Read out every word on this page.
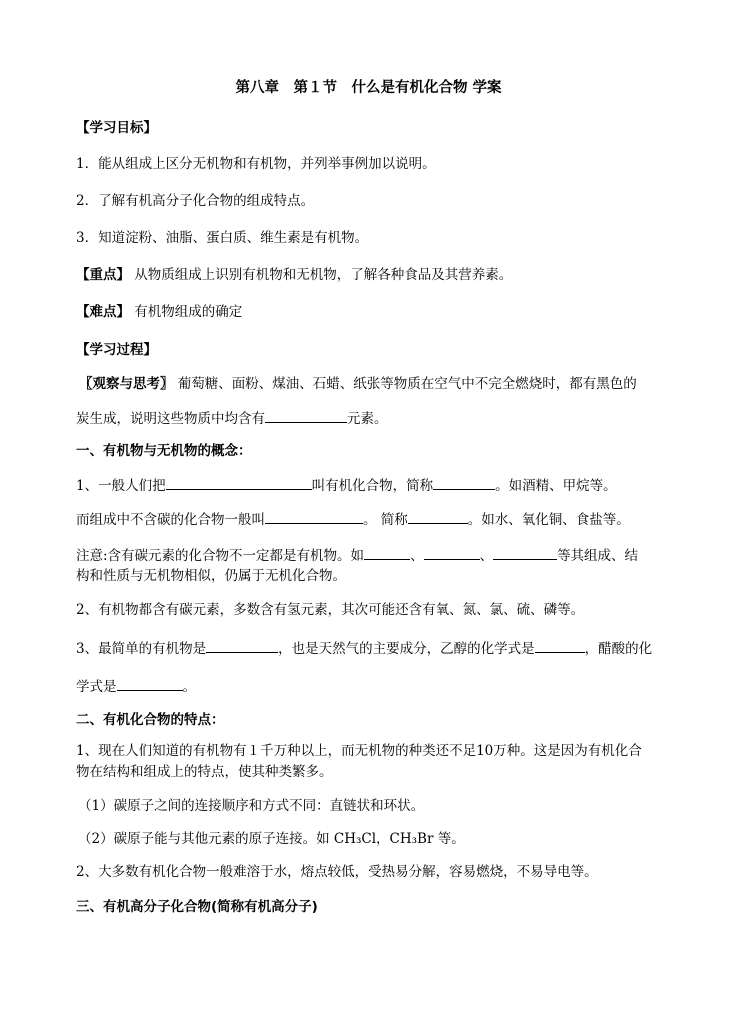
第八章　第１节　什么是有机化合物 学案
【学习目标】
1．能从组成上区分无机物和有机物，并列举事例加以说明。
2．了解有机高分子化合物的组成特点。
3．知道淀粉、油脂、蛋白质、维生素是有机物。
【重点】 从物质组成上识别有机物和无机物，了解各种食品及其营养素。
【难点】 有机物组成的确定
【学习过程】
〖观察与思考〗 葡萄糖、面粉、煤油、石蜡、纸张等物质在空气中不完全燃烧时，都有黑色的
炭生成，说明这些物质中均含有	元素。
一、有机物与无机物的概念：
1、一般人们把	叫有机化合物，简称	。如酒精、甲烷等。
而组成中不含碳的化合物一般叫	。 简称	。如水、氧化铜、食盐等。
注意:含有碳元素的化合物不一定都是有机物。如	、	、	等其组成、结
构和性质与无机物相似，仍属于无机化合物。
2、有机物都含有碳元素，多数含有氢元素，其次可能还含有氧、氮、氯、硫、磷等。
3、最简单的有机物是	，也是天然气的主要成分，乙醇的化学式是	，醋酸的化
学式是	。
二、有机化合物的特点：
1、现在人们知道的有机物有１千万种以上，而无机物的种类还不足10万种。这是因为有机化合
物在结构和组成上的特点，使其种类繁多。
（1）碳原子之间的连接顺序和方式不同：直链状和环状。
（2）碳原子能与其他元素的原子连接。如 CH₃Cl，CH₃Br 等。
2、大多数有机化合物一般难溶于水，熔点较低，受热易分解，容易燃烧，不易导电等。
三、有机高分子化合物(简称有机高分子)
